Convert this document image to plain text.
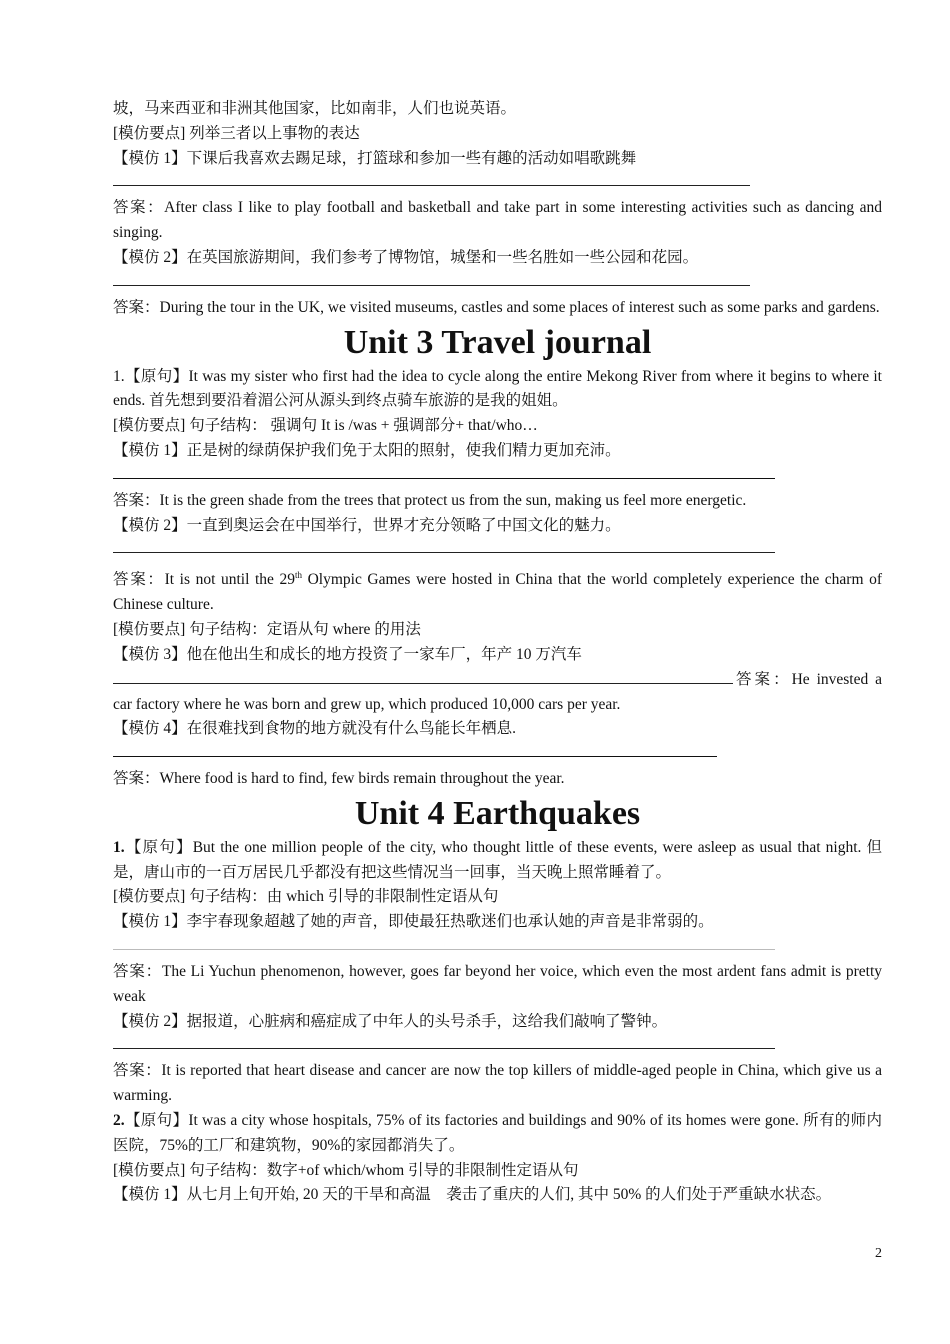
坡，马来西亚和非洲其他国家，比如南非，人们也说英语。

[模仿要点] 列举三者以上事物的表达

【模仿 1】下课后我喜欢去踢足球，打篮球和参加一些有趣的活动如唱歌跳舞

答案：After class I like to play football and basketball and take part in some interesting activities such as dancing and singing.

【模仿 2】在英国旅游期间，我们参考了博物馆，城堡和一些名胜如一些公园和花园。

答案：During the tour in the UK, we visited museums, castles and some places of interest such as some parks and gardens.

Unit 3 Travel journal

1.【原句】It was my sister who first had the idea to cycle along the entire Mekong River from where it begins to where it ends. 首先想到要沿着湄公河从源头到终点骑车旅游的是我的姐姐。

[模仿要点] 句子结构： 强调句 It is /was + 强调部分+ that/who…

【模仿 1】正是树的绿荫保护我们免于太阳的照射，使我们精力更加充沛。

答案：It is the green shade from the trees that protect us from the sun, making us feel more energetic.

【模仿 2】一直到奥运会在中国举行，世界才充分领略了中国文化的魅力。

答案：It is not until the 29th Olympic Games were hosted in China that the world completely experience the charm of Chinese culture.

[模仿要点] 句子结构：定语从句 where 的用法

【模仿 3】他在他出生和成长的地方投资了一家车厂，年产 10 万汽车

答案：He invested a car factory where he was born and grew up, which produced 10,000 cars per year.

【模仿 4】在很难找到食物的地方就没有什么鸟能长年栖息.

答案：Where food is hard to find, few birds remain throughout the year.

Unit 4 Earthquakes

1.【原句】But the one million people of the city, who thought little of these events, were asleep as usual that night. 但是，唐山市的一百万居民几乎都没有把这些情况当一回事，当天晚上照常睡着了。

[模仿要点] 句子结构：由 which 引导的非限制性定语从句

【模仿 1】李宇春现象超越了她的声音，即使最狂热歌迷们也承认她的声音是非常弱的。

答案：The Li Yuchun phenomenon, however, goes far beyond her voice, which even the most ardent fans admit is pretty weak

【模仿 2】据报道，心脏病和癌症成了中年人的头号杀手，这给我们敲响了警钟。

答案：It is reported that heart disease and cancer are now the top killers of middle-aged people in China, which give us a warming.

2.【原句】It was a city whose hospitals, 75% of its factories and buildings and 90% of its homes were gone. 所有的师内医院，75%的工厂和建筑物，90%的家园都消失了。

[模仿要点] 句子结构：数字+of which/whom 引导的非限制性定语从句

【模仿 1】从七月上旬开始, 20 天的干旱和高温　袭击了重庆的人们, 其中 50% 的人们处于严重缺水状态。

2
